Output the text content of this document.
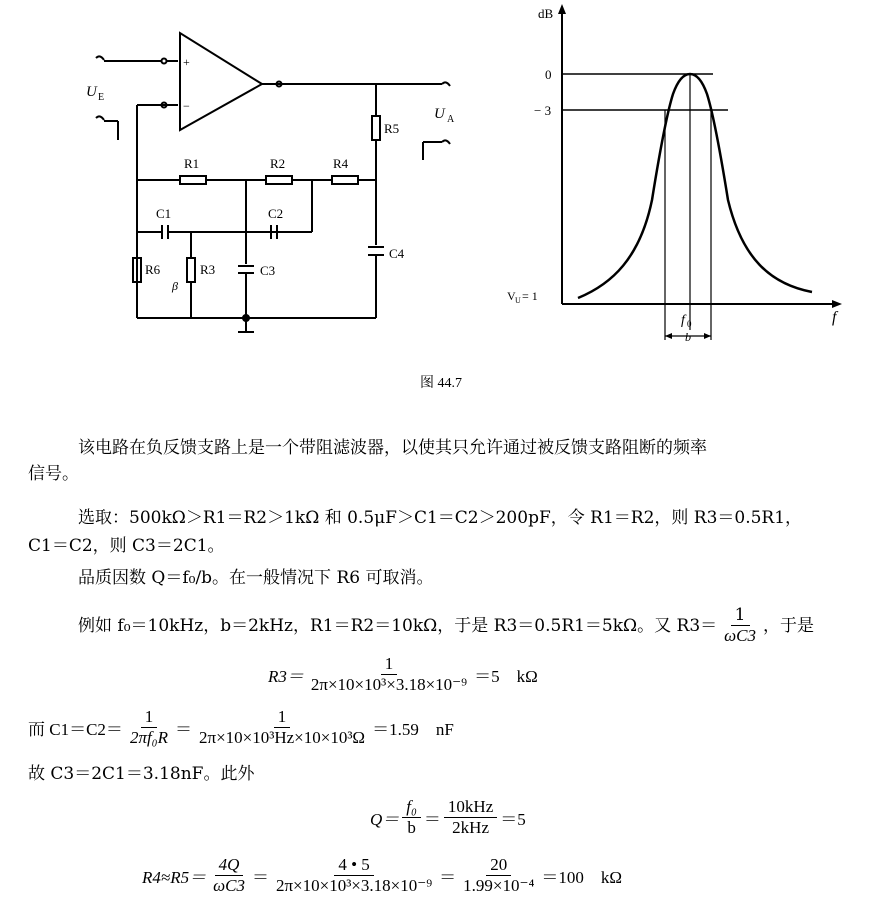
U E
U A
+
−
R1	R2	R4
R5
R6	R3
C1	C2
C3
C4
β
dB
0
− 3
V U = 1
f
f 0
b
图 44.7
该电路在负反馈支路上是一个带阻滤波器，以使其只允许通过被反馈支路阻断的频率
信号。
选取：500kΩ＞R1＝R2＞1kΩ 和 0.5μF＞C1＝C2＞200pF，令 R1＝R2，则 R3＝0.5R1，
C1＝C2，则 C3＝2C1。
品质因数 Q＝f₀/b。在一般情况下 R6 可取消。
例如 f₀＝10kHz，b＝2kHz，R1＝R2＝10kΩ，于是 R3＝0.5R1＝5kΩ。又 $R3= \frac{1}{\omega C3}$ ，于是
$R3= \frac{1}{\text{2π×10×10³×3.18×10⁻⁹}} =5$　kΩ
而 $C1=C2= \frac{1}{\text{2πf₀R}} = \frac{1}{\text{2π×10×10³Hz×10×10³Ω}} =1.59$　nF
故 C3＝2C1＝3.18nF。此外
$Q= \frac{\text{f₀}}{b} = \frac{\text{10kHz}}{\text{2kHz}} =5$
$R4\approx R5= \frac{4Q}{\omega C3} = \frac{4 • 5}{\text{2π×10×10³×3.18×10⁻⁹}} = \frac{20}{\text{1.99×10⁻⁴}} =100$　kΩ
